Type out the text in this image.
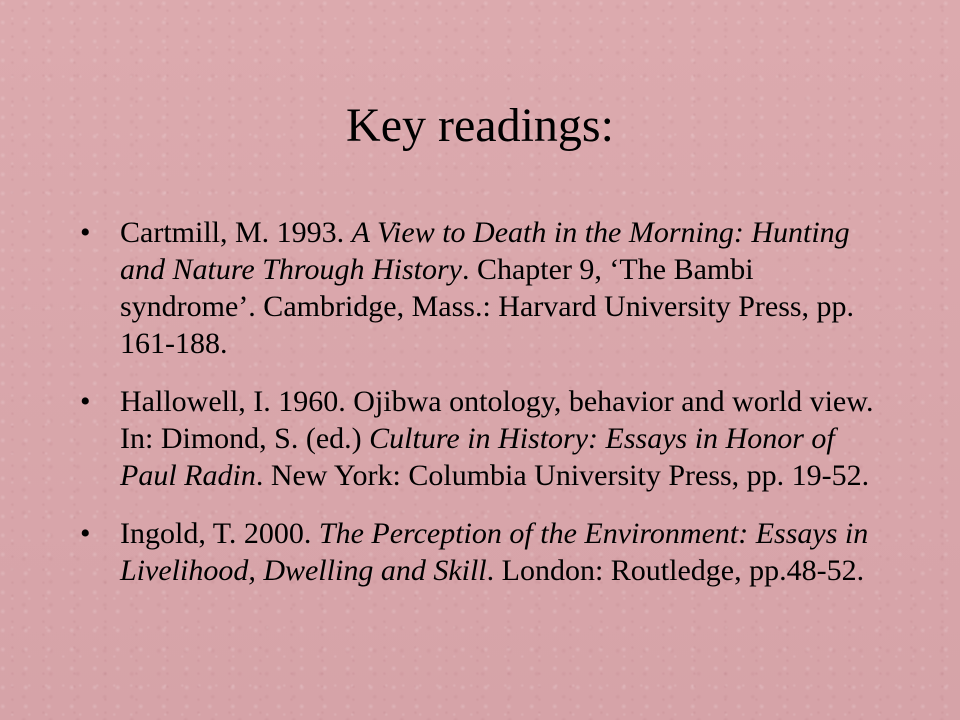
Key readings:
• Cartmill, M. 1993. A View to Death in the Morning: Hunting and Nature Through History. Chapter 9, ‘The Bambi syndrome’. Cambridge, Mass.: Harvard University Press, pp. 161-188.
• Hallowell, I. 1960. Ojibwa ontology, behavior and world view. In: Dimond, S. (ed.) Culture in History: Essays in Honor of Paul Radin. New York: Columbia University Press, pp. 19-52.
• Ingold, T. 2000. The Perception of the Environment: Essays in Livelihood, Dwelling and Skill. London: Routledge, pp.48-52.
